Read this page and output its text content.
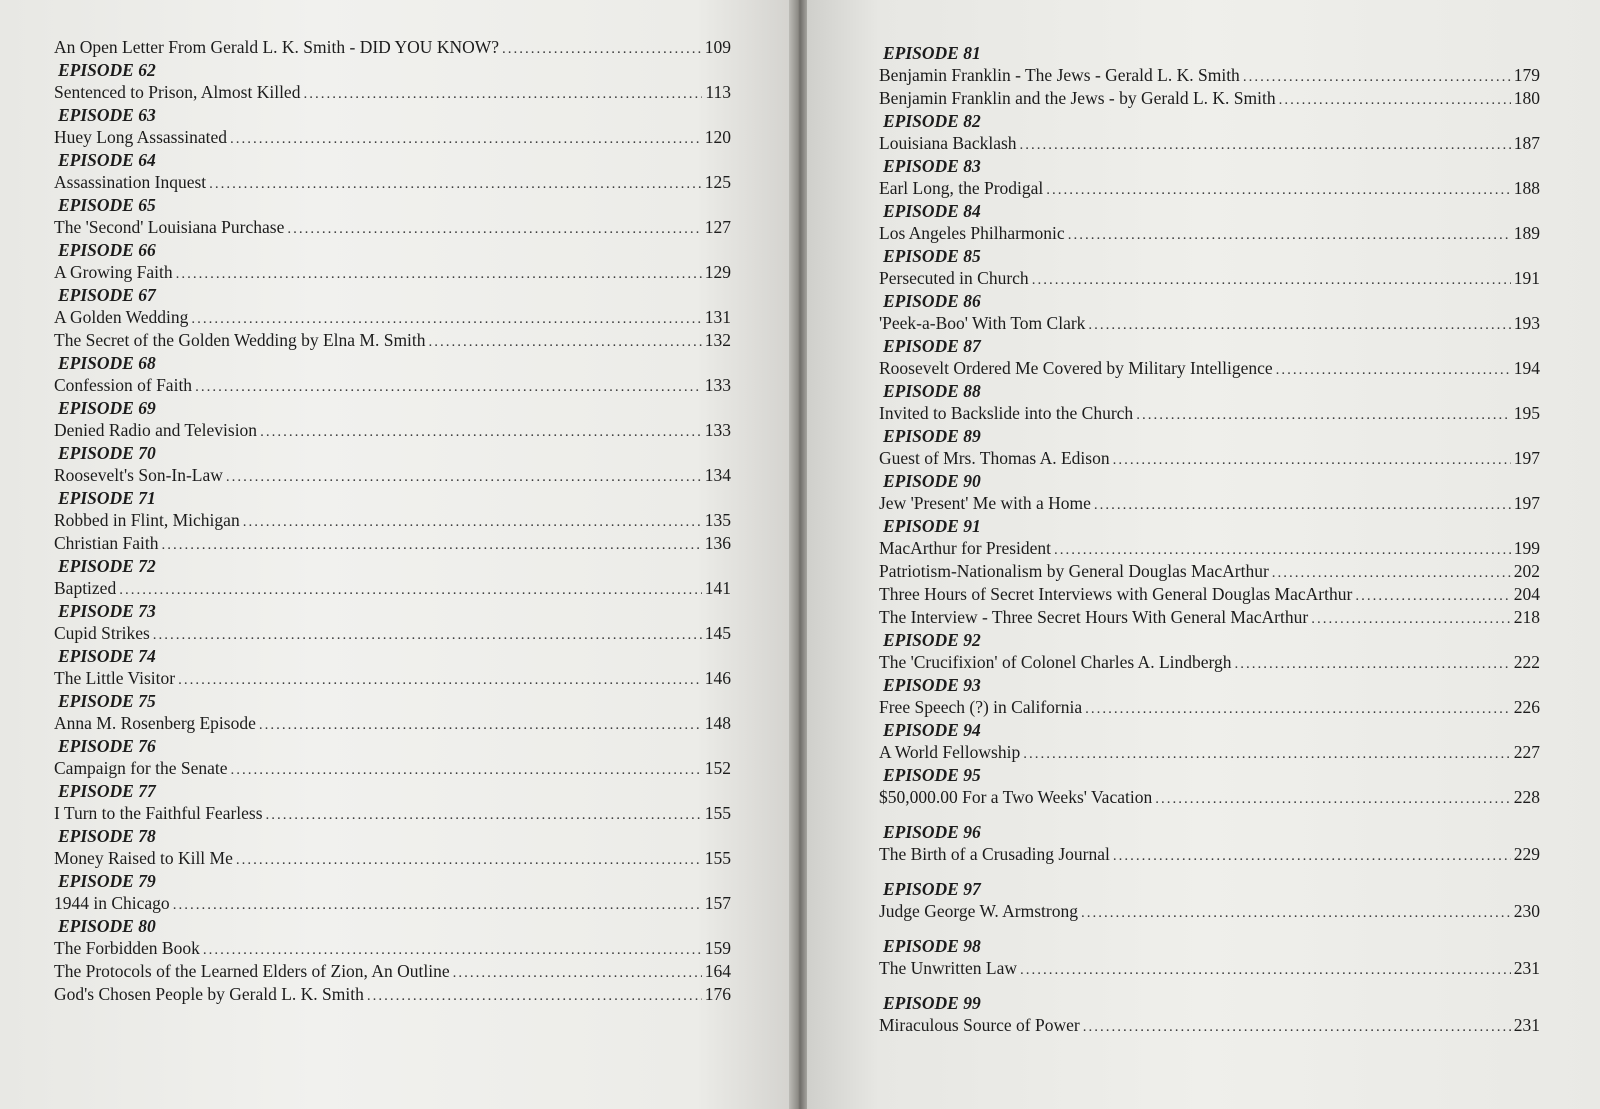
An Open Letter From Gerald L. K. Smith - DID YOU KNOW? .....	109
EPISODE 62
Sentenced to Prison, Almost Killed .....	113
EPISODE 63
Huey Long Assassinated .....	120
EPISODE 64
Assassination Inquest .....	125
EPISODE 65
The 'Second' Louisiana Purchase .....	127
EPISODE 66
A Growing Faith .....	129
EPISODE 67
A Golden Wedding .....	131
The Secret of the Golden Wedding by Elna M. Smith .....	132
EPISODE 68
Confession of Faith .....	133
EPISODE 69
Denied Radio and Television .....	133
EPISODE 70
Roosevelt's Son-In-Law .....	134
EPISODE 71
Robbed in Flint, Michigan .....	135
Christian Faith .....	136
EPISODE 72
Baptized .....	141
EPISODE 73
Cupid Strikes .....	145
EPISODE 74
The Little Visitor .....	146
EPISODE 75
Anna M. Rosenberg Episode .....	148
EPISODE 76
Campaign for the Senate .....	152
EPISODE 77
I Turn to the Faithful Fearless .....	155
EPISODE 78
Money Raised to Kill Me .....	155
EPISODE 79
1944 in Chicago .....	157
EPISODE 80
The Forbidden Book .....	159
The Protocols of the Learned Elders of Zion, An Outline .....	164
God's Chosen People by Gerald L. K. Smith .....	176
EPISODE 81
Benjamin Franklin - The Jews - Gerald L. K. Smith .....	179
Benjamin Franklin and the Jews - by Gerald L. K. Smith .....	180
EPISODE 82
Louisiana Backlash .....	187
EPISODE 83
Earl Long, the Prodigal .....	188
EPISODE 84
Los Angeles Philharmonic .....	189
EPISODE 85
Persecuted in Church .....	191
EPISODE 86
'Peek-a-Boo' With Tom Clark .....	193
EPISODE 87
Roosevelt Ordered Me Covered by Military Intelligence .....	194
EPISODE 88
Invited to Backslide into the Church .....	195
EPISODE 89
Guest of Mrs. Thomas A. Edison .....	197
EPISODE 90
Jew 'Present' Me with a Home .....	197
EPISODE 91
MacArthur for President .....	199
Patriotism-Nationalism by General Douglas MacArthur .....	202
Three Hours of Secret Interviews with General Douglas MacArthur .....	204
The Interview - Three Secret Hours With General MacArthur .....	218
EPISODE 92
The 'Crucifixion' of Colonel Charles A. Lindbergh .....	222
EPISODE 93
Free Speech (?) in California .....	226
EPISODE 94
A World Fellowship .....	227
EPISODE 95
$50,000.00 For a Two Weeks' Vacation .....	228
EPISODE 96
The Birth of a Crusading Journal .....	229
EPISODE 97
Judge George W. Armstrong .....	230
EPISODE 98
The Unwritten Law .....	231
EPISODE 99
Miraculous Source of Power .....	231
